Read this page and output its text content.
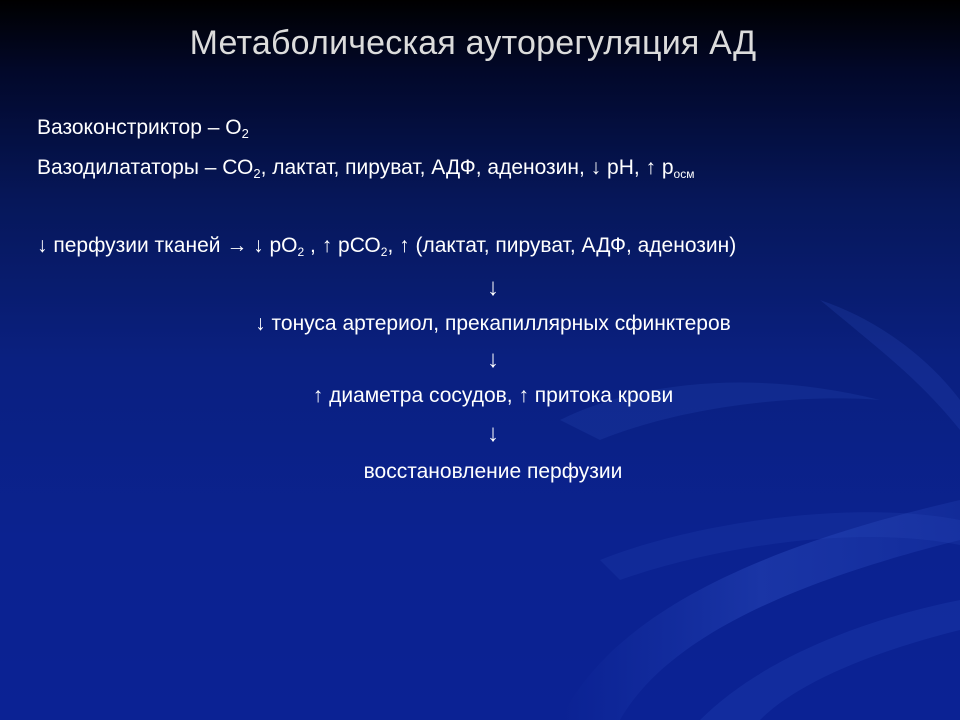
Метаболическая ауторегуляция АД
Вазоконстриктор – О2
Вазодилататоры – СО2, лактат, пируват, АДФ, аденозин, ↓ рН, ↑ росм
↓ перфузии тканей → ↓ рО2 , ↑ рСО2, ↑ (лактат, пируват, АДФ, аденозин)
↓
↓ тонуса артериол, прекапиллярных сфинктеров
↓
↑ диаметра сосудов, ↑ притока крови
↓
восстановление перфузии
